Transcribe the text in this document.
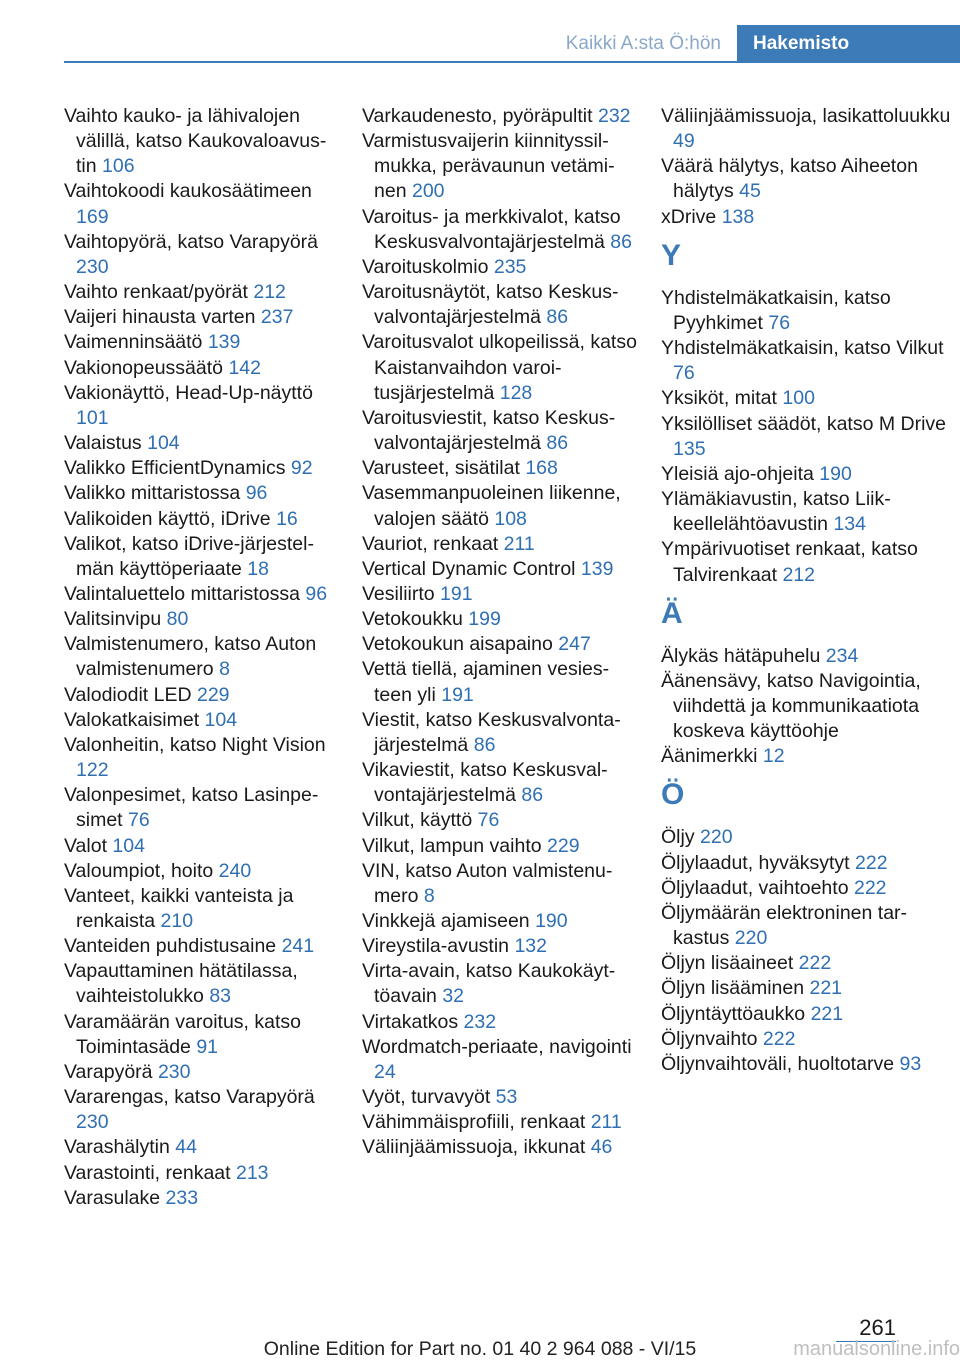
Kaikki A:sta Ö:hön	Hakemisto
Vaihto kauko- ja lähivalojen välillä, katso Kaukovaloavustin 106
Vaihtokoodi kaukosäätimeen 169
Vaihtopyörä, katso Varapyörä 230
Vaihto renkaat/pyörät 212
Vaijeri hinausta varten 237
Vaimenninsäätö 139
Vakionopeussäätö 142
Vakionäyttö, Head-Up-näyttö 101
Valaistus 104
Valikko EfficientDynamics 92
Valikko mittaristossa 96
Valikoiden käyttö, iDrive 16
Valikot, katso iDrive-järjestelmän käyttöperiaate 18
Valintaluettelo mittaristossa 96
Valitsinvipu 80
Valmistenumero, katso Auton valmistenumero 8
Valodiodit LED 229
Valokatkaisimet 104
Valonheitin, katso Night Vision 122
Valonpesimet, katso Lasinpesimet 76
Valot 104
Valoumpiot, hoito 240
Vanteet, kaikki vanteista ja renkaista 210
Vanteiden puhdistusaine 241
Vapauttaminen hätätilassa, vaihteistolukko 83
Varamäärän varoitus, katso Toimintasäde 91
Varapyörä 230
Vararengas, katso Varapyörä 230
Varashälytin 44
Varastointi, renkaat 213
Varasulake 233
Varkaudenesto, pyöräpultit 232
Varmistusvaijerin kiinnityssilmukka, perävaunun vetäminen 200
Varoitus- ja merkkivalot, katso Keskusvalvontajärjestelmä 86
Varoituskolmio 235
Varoitusnäytöt, katso Keskusvalvontajärjestelmä 86
Varoitusvalot ulkopeilissä, katso Kaistanvaihdon varoitusjärjestelmä 128
Varoitusviestit, katso Keskusvalvontajärjestelmä 86
Varusteet, sisätilat 168
Vasemmanpuoleinen liikenne, valojen säätö 108
Vauriot, renkaat 211
Vertical Dynamic Control 139
Vesiliirto 191
Vetokoukku 199
Vetokoukun aisapaino 247
Vettä tiellä, ajaminen vesiesteen yli 191
Viestit, katso Keskusvalvontajärjestelmä 86
Vikaviestit, katso Keskusvalvontajärjestelmä 86
Vilkut, käyttö 76
Vilkut, lampun vaihto 229
VIN, katso Auton valmistenumero 8
Vinkkejä ajamiseen 190
Vireystila-avustin 132
Virta-avain, katso Kaukokäyttöavain 32
Virtakatkos 232
Wordmatch-periaate, navigointi 24
Vyöt, turvavyöt 53
Vähimmäisprofiili, renkaat 211
Väliinjäämissuoja, ikkunat 46
Väliinjäämissuoja, lasikattoluukku 49
Väärä hälytys, katso Aiheeton hälytys 45
xDrive 138
Y
Yhdistelmäkatkaisin, katso Pyyhkimet 76
Yhdistelmäkatkaisin, katso Vilkut 76
Yksiköt, mitat 100
Yksilölliset säädöt, katso M Drive 135
Yleisiä ajo-ohjeita 190
Ylämäkiavustin, katso Liikkeellelähtöavustin 134
Ympärivuotiset renkaat, katso Talvirenkaat 212
Ä
Älykäs hätäpuhelu 234
Äänensävy, katso Navigointia, viihdettä ja kommunikaatiota koskeva käyttöohje
Äänimerkki 12
Ö
Öljy 220
Öljylaadut, hyväksytyt 222
Öljylaadut, vaihtoehto 222
Öljymäärän elektroninen tarkastus 220
Öljyn lisäaineet 222
Öljyn lisääminen 221
Öljyntäyttöaukko 221
Öljynvaihto 222
Öljynvaihtoväli, huoltotarve 93
261
Online Edition for Part no. 01 40 2 964 088 - VI/15	manualsonline.info
